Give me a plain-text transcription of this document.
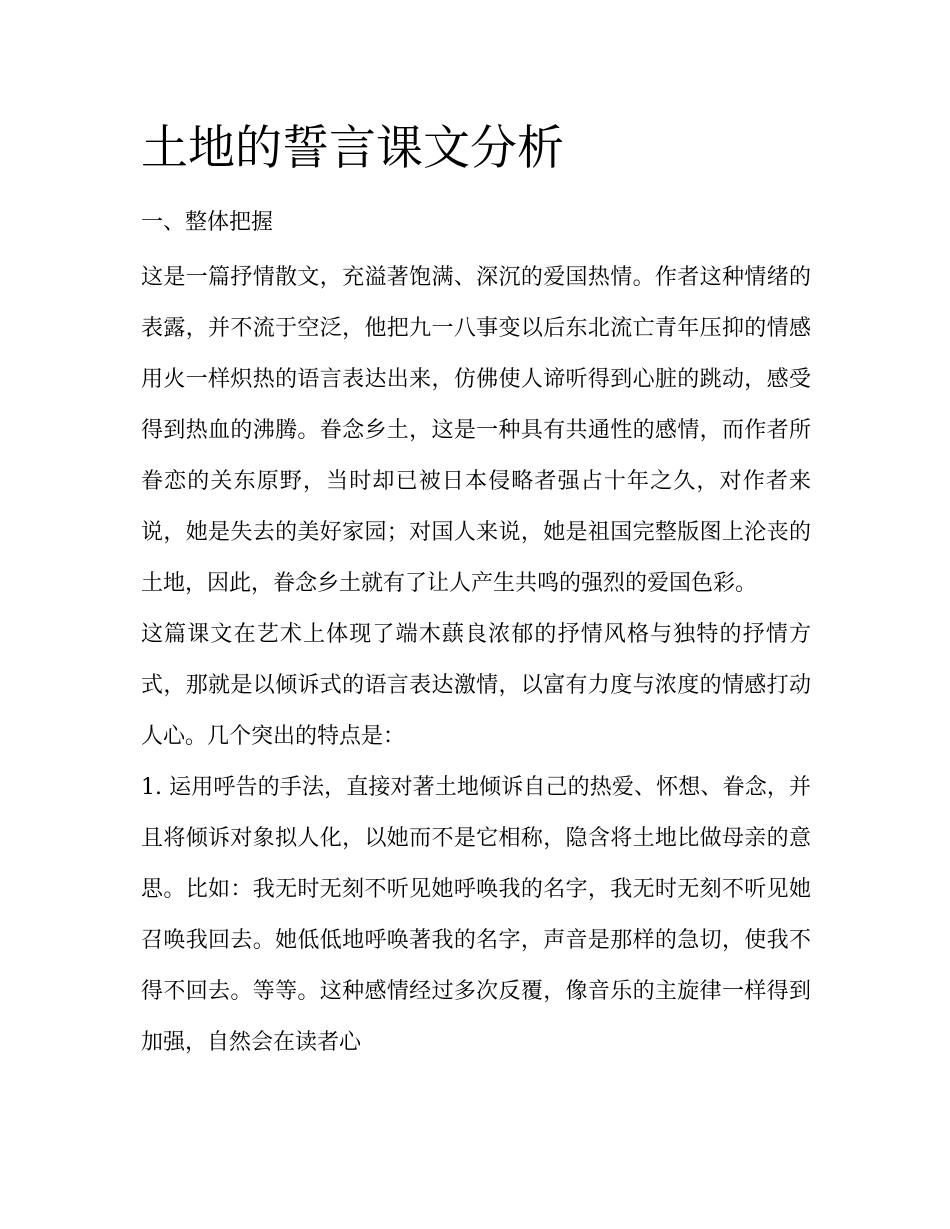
土地的誓言课文分析
一、整体把握

这是一篇抒情散文，充溢著饱满、深沉的爱国热情。作者这种情绪的表露，并不流于空泛，他把九一八事变以后东北流亡青年压抑的情感用火一样炽热的语言表达出来，仿佛使人谛听得到心脏的跳动，感受得到热血的沸腾。眷念乡土，这是一种具有共通性的感情，而作者所眷恋的关东原野，当时却已被日本侵略者强占十年之久，对作者来说，她是失去的美好家园；对国人来说，她是祖国完整版图上沦丧的土地，因此，眷念乡土就有了让人产生共鸣的强烈的爱国色彩。

这篇课文在艺术上体现了端木蕻良浓郁的抒情风格与独特的抒情方式，那就是以倾诉式的语言表达激情，以富有力度与浓度的情感打动人心。几个突出的特点是：

1. 运用呼告的手法，直接对著土地倾诉自己的热爱、怀想、眷念，并且将倾诉对象拟人化，以她而不是它相称，隐含将土地比做母亲的意思。比如：我无时无刻不听见她呼唤我的名字，我无时无刻不听见她召唤我回去。她低低地呼唤著我的名字，声音是那样的急切，使我不得不回去。等等。这种感情经过多次反覆，像音乐的主旋律一样得到加强，自然会在读者心
